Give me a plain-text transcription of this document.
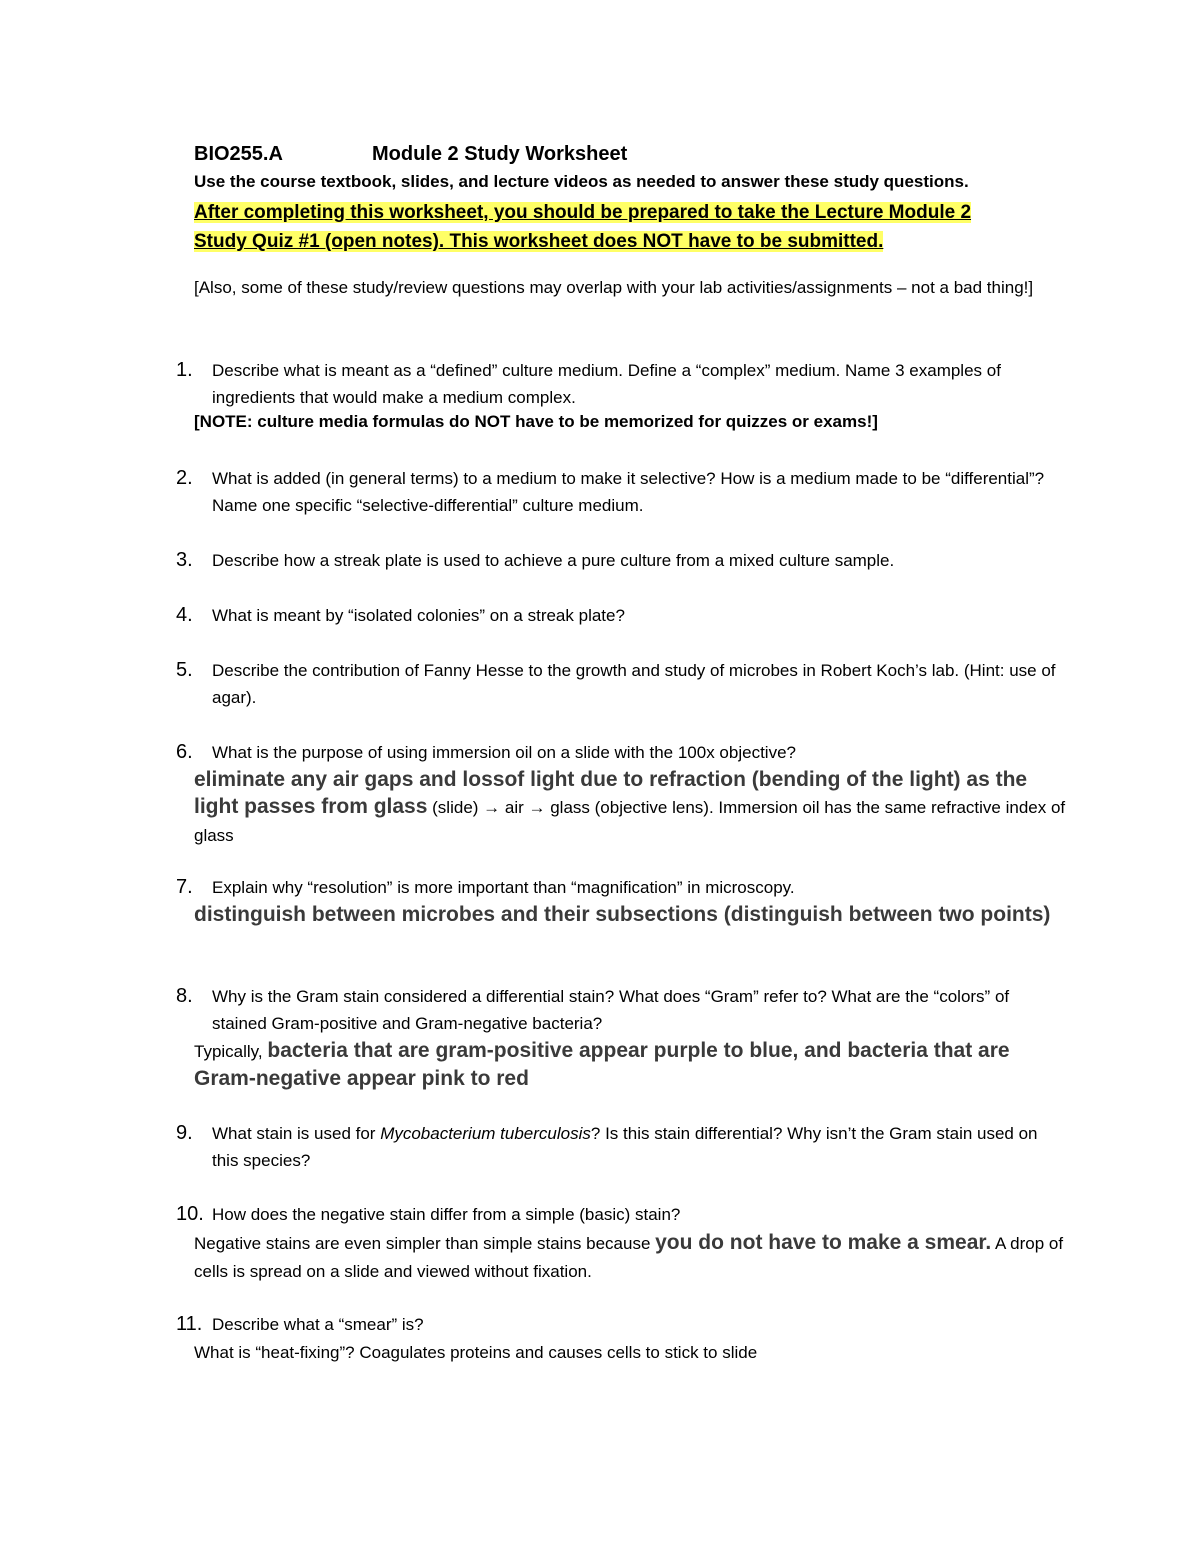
BIO255.A	Module 2 Study Worksheet
Use the course textbook, slides, and lecture videos as needed to answer these study questions.
After completing this worksheet, you should be prepared to take the Lecture Module 2
Study Quiz #1 (open notes). This worksheet does NOT have to be submitted.
[Also, some of these study/review questions may overlap with your lab activities/assignments – not a bad thing!]
1. Describe what is meant as a “defined” culture medium. Define a “complex” medium. Name 3 examples of ingredients that would make a medium complex.
[NOTE: culture media formulas do NOT have to be memorized for quizzes or exams!]
2. What is added (in general terms) to a medium to make it selective? How is a medium made to be “differential”? Name one specific “selective-differential” culture medium.
3. Describe how a streak plate is used to achieve a pure culture from a mixed culture sample.
4. What is meant by “isolated colonies” on a streak plate?
5. Describe the contribution of Fanny Hesse to the growth and study of microbes in Robert Koch’s lab. (Hint: use of agar).
6. What is the purpose of using immersion oil on a slide with the 100x objective?
eliminate any air gaps and lossof light due to refraction (bending of the light) as the light passes from glass (slide) → air → glass (objective lens). Immersion oil has the same refractive index of glass
7. Explain why “resolution” is more important than “magnification” in microscopy.
distinguish between microbes and their subsections (distinguish between two points)
8. Why is the Gram stain considered a differential stain? What does “Gram” refer to? What are the “colors” of stained Gram-positive and Gram-negative bacteria?
Typically, bacteria that are gram-positive appear purple to blue, and bacteria that are Gram-negative appear pink to red
9. What stain is used for Mycobacterium tuberculosis? Is this stain differential? Why isn’t the Gram stain used on this species?
10. How does the negative stain differ from a simple (basic) stain?
Negative stains are even simpler than simple stains because you do not have to make a smear. A drop of cells is spread on a slide and viewed without fixation.
11. Describe what a “smear” is?
What is “heat-fixing”? Coagulates proteins and causes cells to stick to slide
